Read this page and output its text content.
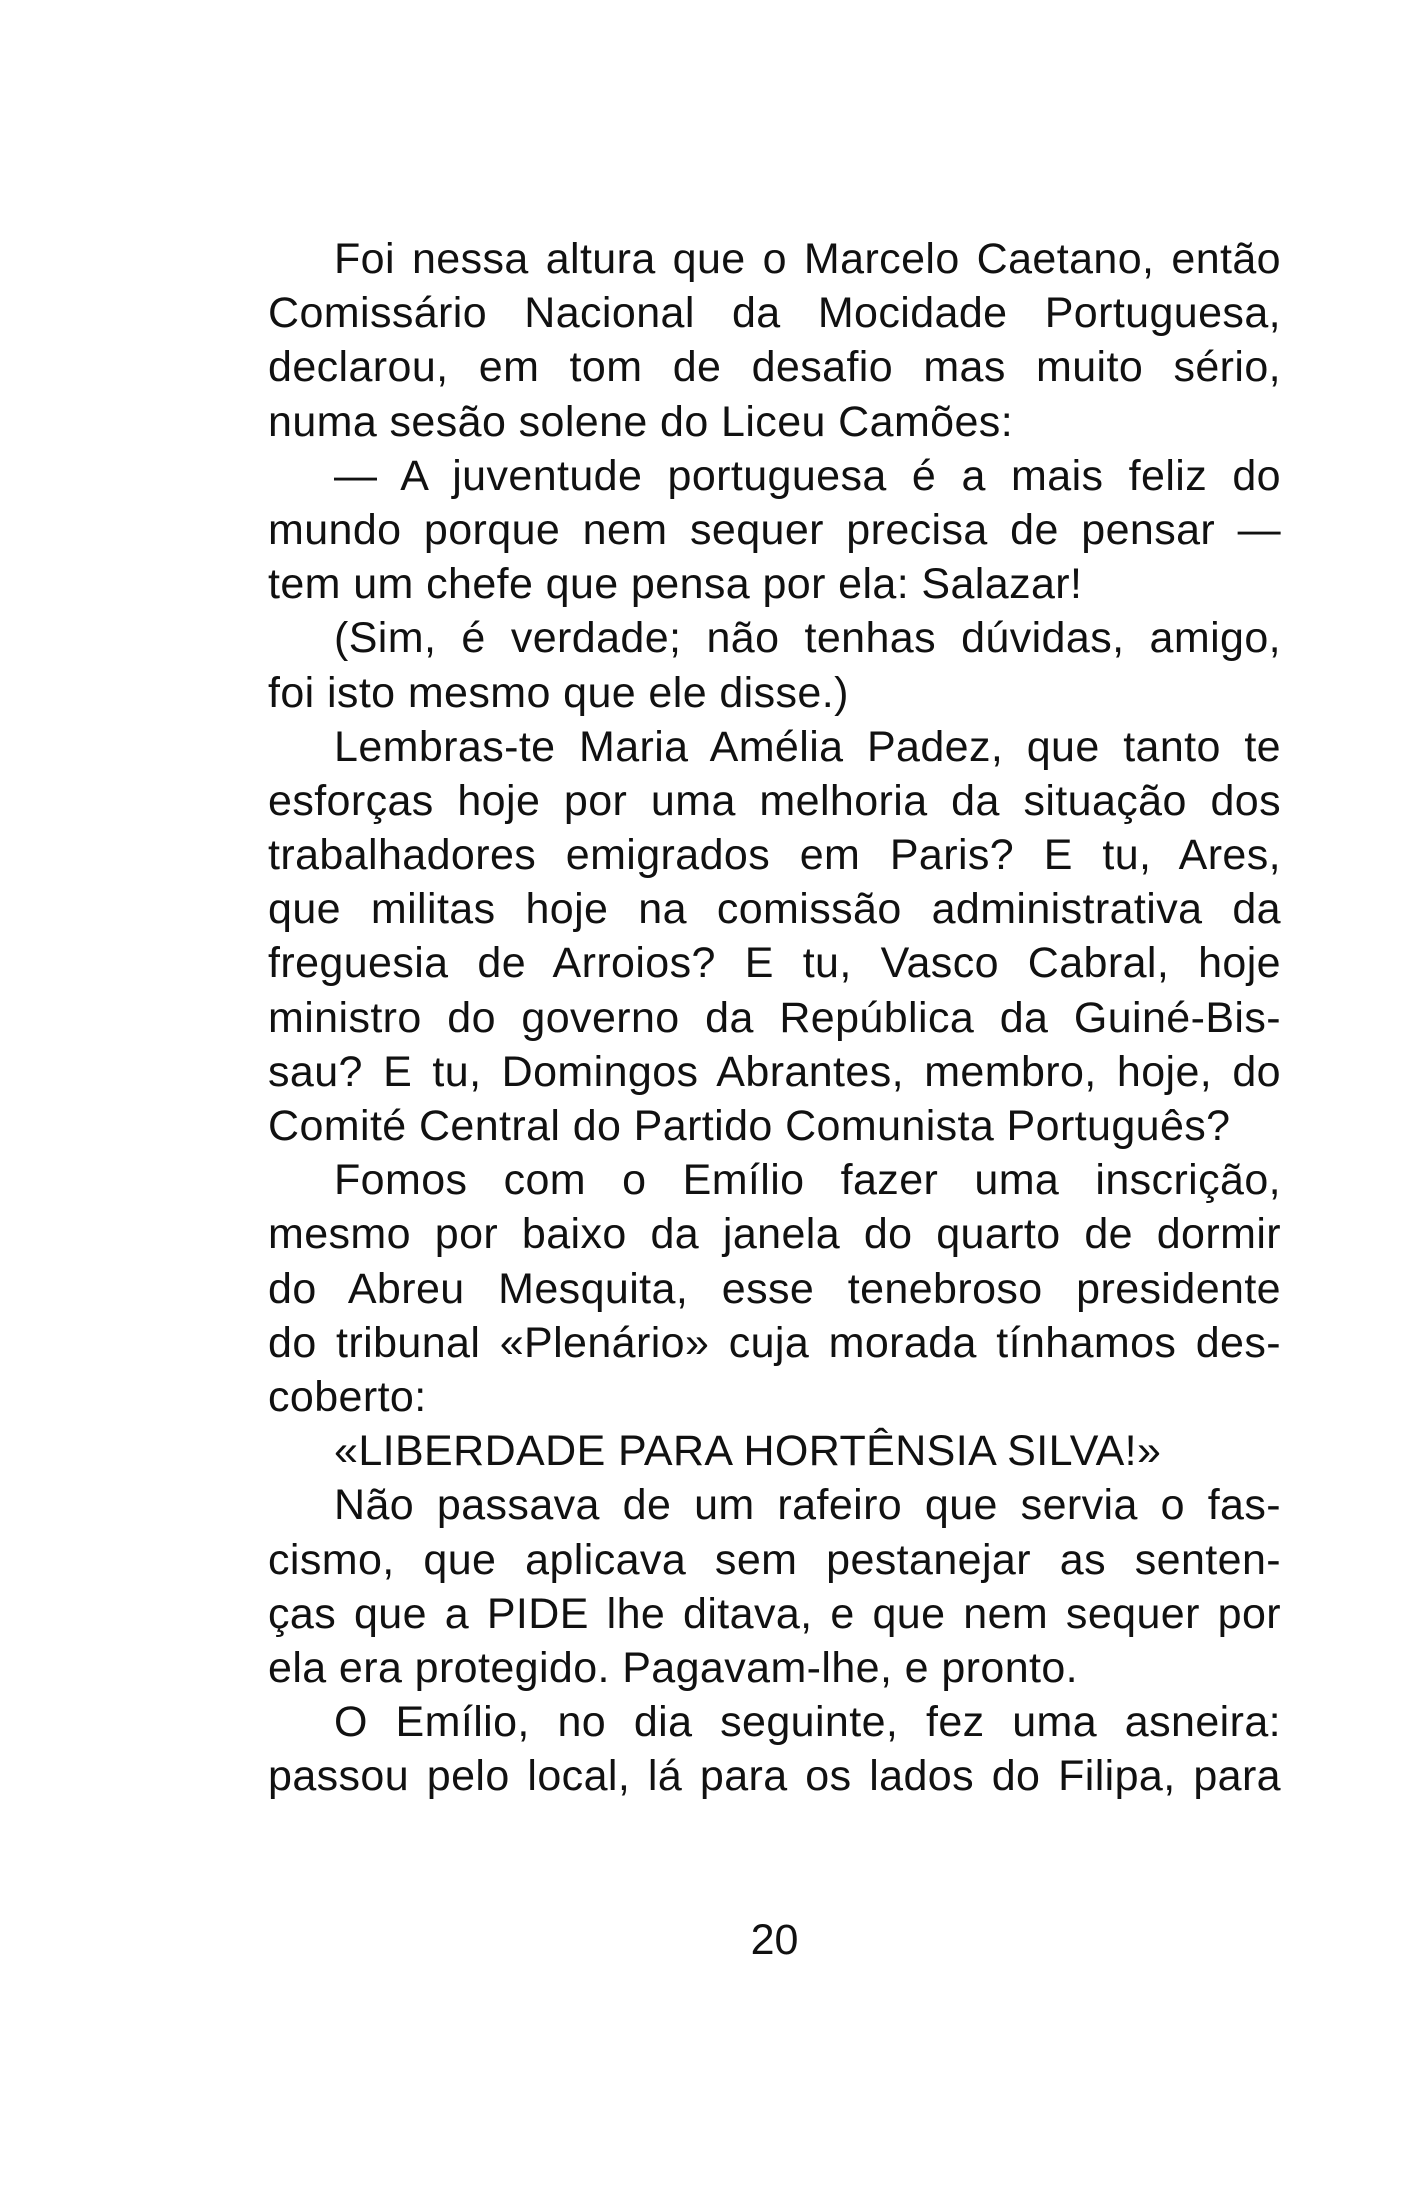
Foi nessa altura que o Marcelo Caetano, então
Comissário Nacional da Mocidade Portuguesa,
declarou, em tom de desafio mas muito sério,
numa sesão solene do Liceu Camões:
— A juventude portuguesa é a mais feliz do
mundo porque nem sequer precisa de pensar —
tem um chefe que pensa por ela: Salazar!
(Sim, é verdade; não tenhas dúvidas, amigo,
foi isto mesmo que ele disse.)
Lembras-te Maria Amélia Padez, que tanto te
esforças hoje por uma melhoria da situação dos
trabalhadores emigrados em Paris? E tu, Ares,
que militas hoje na comissão administrativa da
freguesia de Arroios? E tu, Vasco Cabral, hoje
ministro do governo da República da Guiné-Bis-
sau? E tu, Domingos Abrantes, membro, hoje, do
Comité Central do Partido Comunista Português?
Fomos com o Emílio fazer uma inscrição,
mesmo por baixo da janela do quarto de dormir
do Abreu Mesquita, esse tenebroso presidente
do tribunal «Plenário» cuja morada tínhamos des-
coberto:
«LIBERDADE PARA HORTÊNSIA SILVA!»
Não passava de um rafeiro que servia o fas-
cismo, que aplicava sem pestanejar as senten-
ças que a PIDE lhe ditava, e que nem sequer por
ela era protegido. Pagavam-lhe, e pronto.
O Emílio, no dia seguinte, fez uma asneira:
passou pelo local, lá para os lados do Filipa, para
20
